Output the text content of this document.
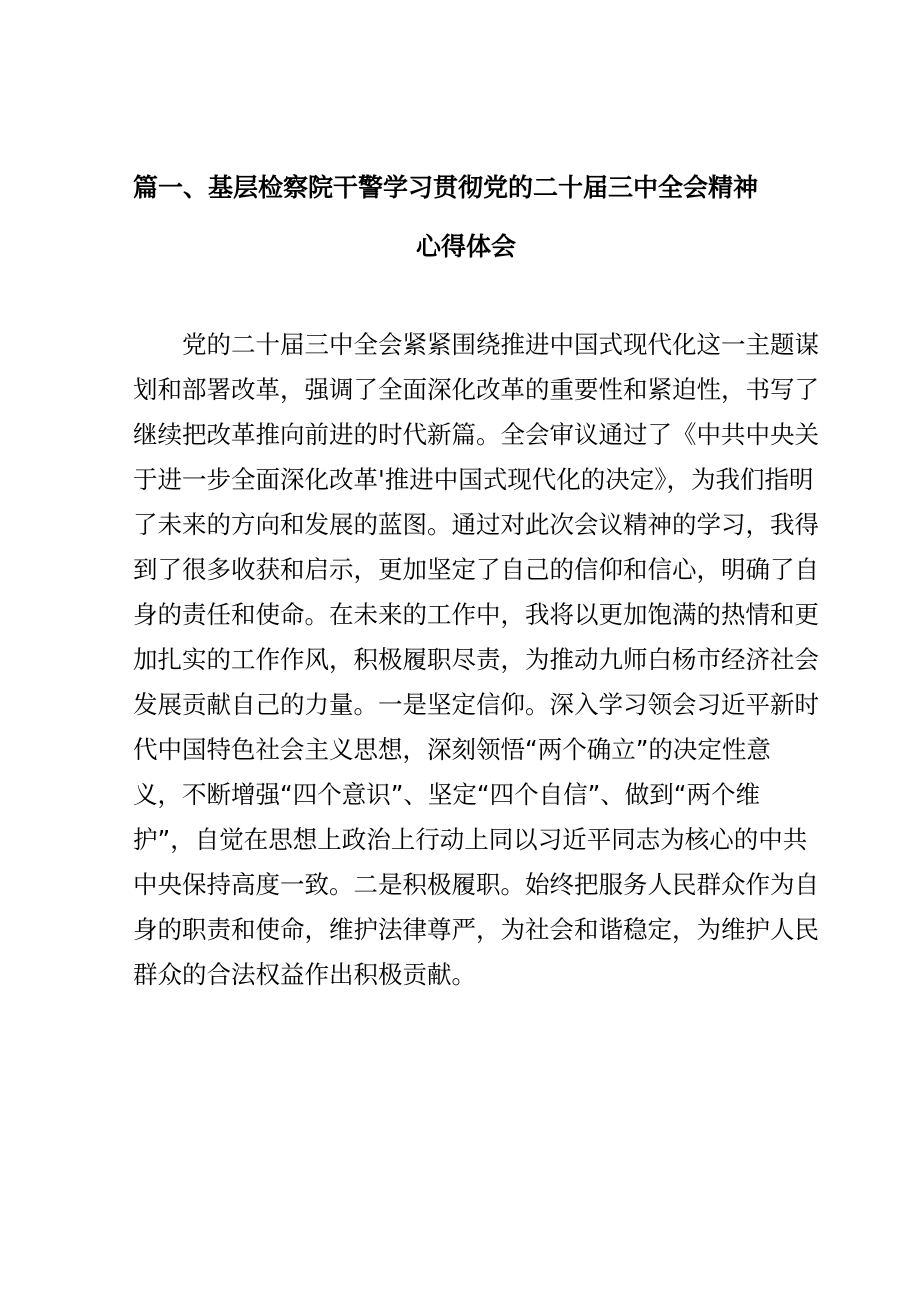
篇一、基层检察院干警学习贯彻党的二十届三中全会精神
心得体会
党的二十届三中全会紧紧围绕推进中国式现代化这一主题谋
划和部署改革，强调了全面深化改革的重要性和紧迫性，书写了
继续把改革推向前进的时代新篇。全会审议通过了《中共中央关
于进一步全面深化改革'推进中国式现代化的决定》，为我们指明
了未来的方向和发展的蓝图。通过对此次会议精神的学习，我得
到了很多收获和启示，更加坚定了自己的信仰和信心，明确了自
身的责任和使命。在未来的工作中，我将以更加饱满的热情和更
加扎实的工作作风，积极履职尽责，为推动九师白杨市经济社会
发展贡献自己的力量。一是坚定信仰。深入学习领会习近平新时
代中国特色社会主义思想，深刻领悟“两个确立”的决定性意
义，不断增强“四个意识”、坚定“四个自信”、做到“两个维
护”，自觉在思想上政治上行动上同以习近平同志为核心的中共
中央保持高度一致。二是积极履职。始终把服务人民群众作为自
身的职责和使命，维护法律尊严，为社会和谐稳定，为维护人民
群众的合法权益作出积极贡献。
